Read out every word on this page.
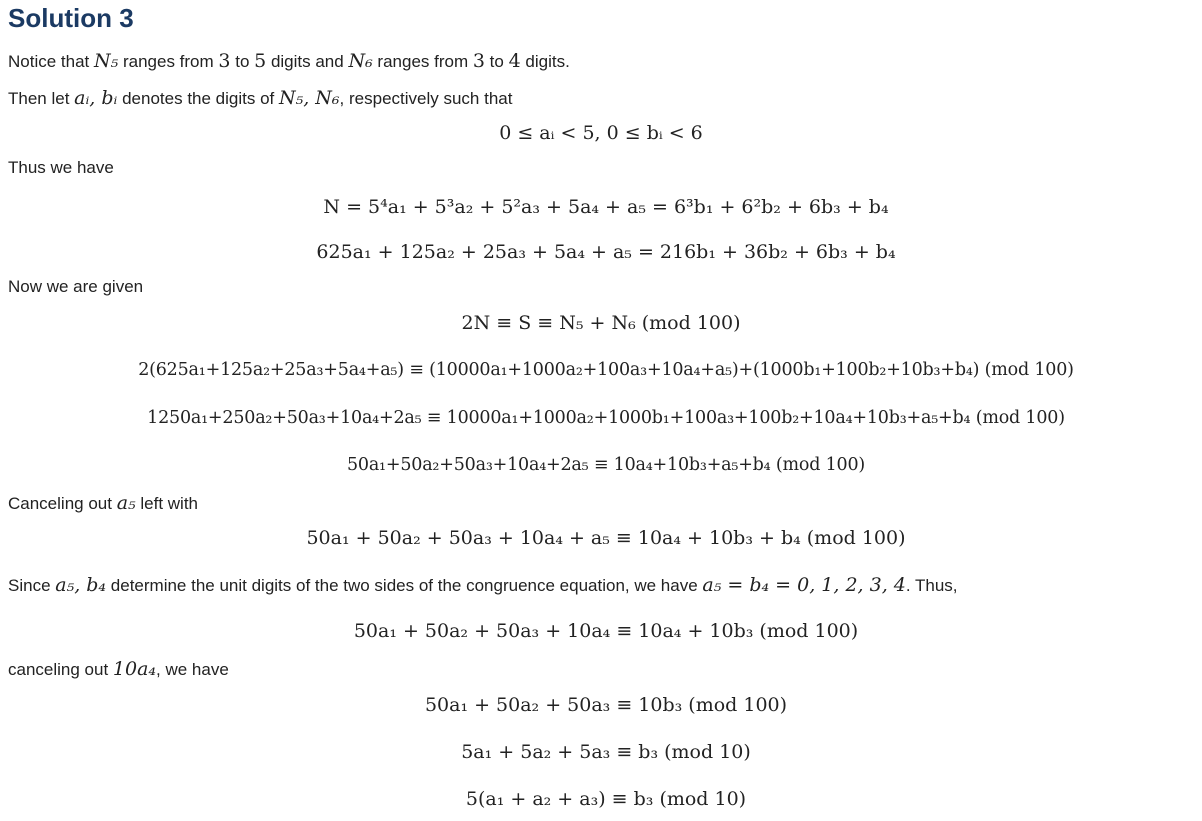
Solution 3
Notice that N₅ ranges from 3 to 5 digits and N₆ ranges from 3 to 4 digits.
Then let aᵢ, bᵢ denotes the digits of N₅, N₆, respectively such that
0 ≤ aᵢ < 5, 0 ≤ bᵢ < 6
Thus we have
N = 5⁴a₁ + 5³a₂ + 5²a₃ + 5a₄ + a₅ = 6³b₁ + 6²b₂ + 6b₃ + b₄
625a₁ + 125a₂ + 25a₃ + 5a₄ + a₅ = 216b₁ + 36b₂ + 6b₃ + b₄
Now we are given
2N ≡ S ≡ N₅ + N₆ (mod 100)
2(625a₁+125a₂+25a₃+5a₄+a₅) ≡ (10000a₁+1000a₂+100a₃+10a₄+a₅)+(1000b₁+100b₂+10b₃+b₄) (mod 100)
1250a₁+250a₂+50a₃+10a₄+2a₅ ≡ 10000a₁+1000a₂+1000b₁+100a₃+100b₂+10a₄+10b₃+a₅+b₄ (mod 100)
50a₁+50a₂+50a₃+10a₄+2a₅ ≡ 10a₄+10b₃+a₅+b₄ (mod 100)
Canceling out a₅ left with
50a₁ + 50a₂ + 50a₃ + 10a₄ + a₅ ≡ 10a₄ + 10b₃ + b₄ (mod 100)
Since a₅, b₄ determine the unit digits of the two sides of the congruence equation, we have a₅ = b₄ = 0, 1, 2, 3, 4. Thus,
50a₁ + 50a₂ + 50a₃ + 10a₄ ≡ 10a₄ + 10b₃ (mod 100)
canceling out 10a₄, we have
50a₁ + 50a₂ + 50a₃ ≡ 10b₃ (mod 100)
5a₁ + 5a₂ + 5a₃ ≡ b₃ (mod 10)
5(a₁ + a₂ + a₃) ≡ b₃ (mod 10)
